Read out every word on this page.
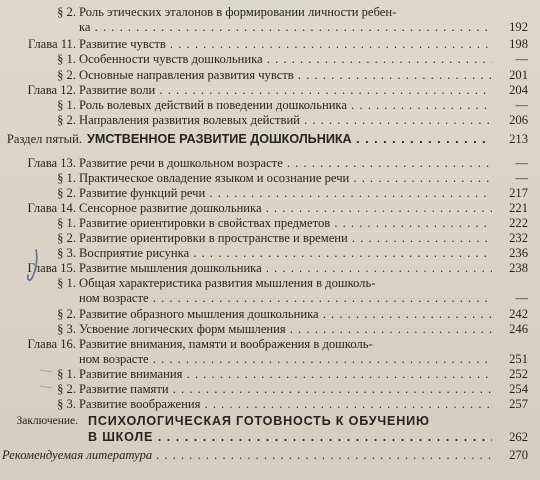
§ 2. Роль этических эталонов в формировании личности ребен-
ка . . .	192
Глава 11. Развитие чувств . . .	198
§ 1. Особенности чувств дошкольника . . .	—
§ 2. Основные направления развития чувств . . .	201
Глава 12. Развитие воли . . .	204
§ 1. Роль волевых действий в поведении дошкольника . . .	—
§ 2. Направления развития волевых действий . . .	206
Раздел пятый. УМСТВЕННОЕ РАЗВИТИЕ ДОШКОЛЬНИКА . . .	213
Глава 13. Развитие речи в дошкольном возрасте . . .	—
§ 1. Практическое овладение языком и осознание речи . . .	—
§ 2. Развитие функций речи . . .	217
Глава 14. Сенсорное развитие дошкольника . . .	221
§ 1. Развитие ориентировки в свойствах предметов . . .	222
§ 2. Развитие ориентировки в пространстве и времени . . .	232
§ 3. Восприятие рисунка . . .	236
Глава 15. Развитие мышления дошкольника . . .	238
§ 1. Общая характеристика развития мышления в дошколь-
ном возрасте . . .	—
§ 2. Развитие образного мышления дошкольника . . .	242
§ 3. Усвоение логических форм мышления . . .	246
Глава 16. Развитие внимания, памяти и воображения в дошколь-
ном возрасте . . .	251
§ 1. Развитие внимания . . .	252
§ 2. Развитие памяти . . .	254
§ 3. Развитие воображения . . .	257
Заключение. ПСИХОЛОГИЧЕСКАЯ ГОТОВНОСТЬ К ОБУЧЕНИЮ
В ШКОЛЕ . . .	262
Рекомендуемая литература . . .	270
